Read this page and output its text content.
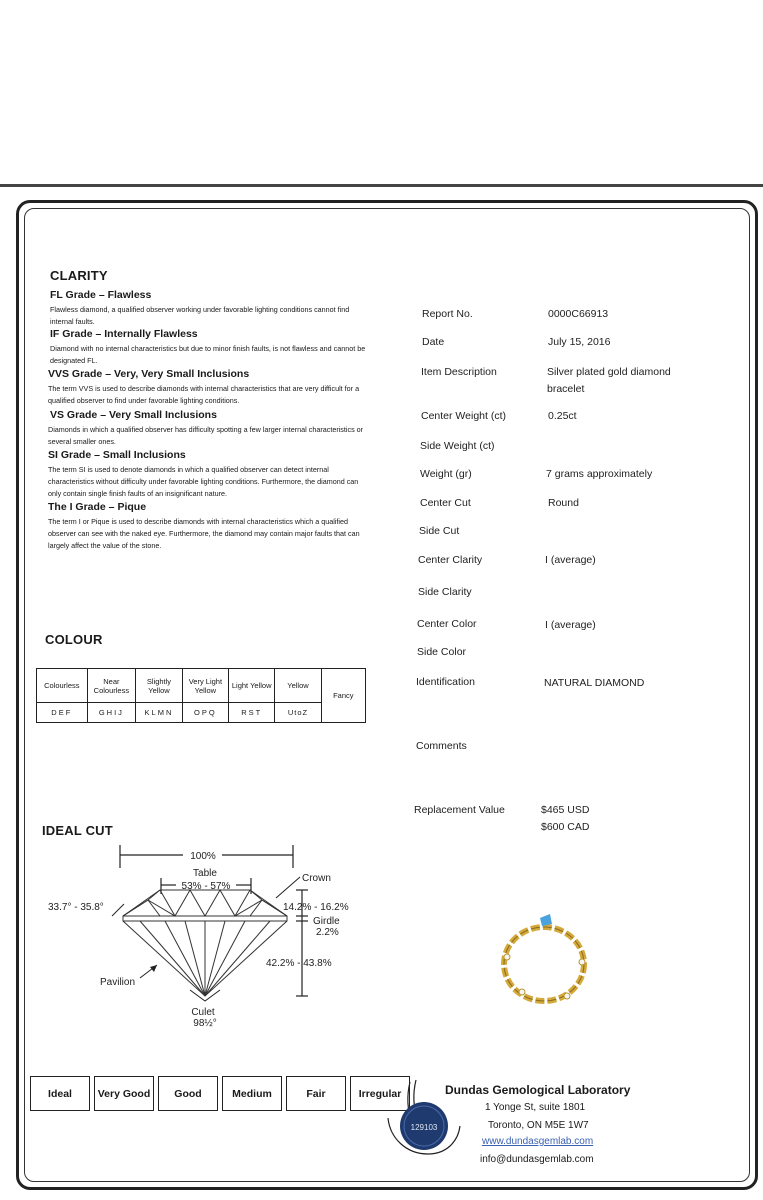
CLARITY
FL Grade – Flawless
Flawless diamond, a qualified observer working under favorable lighting conditions cannot find internal faults.
IF Grade – Internally Flawless
Diamond with no internal characteristics but due to minor finish faults, is not flawless and cannot be designated FL.
VVS Grade – Very, Very Small Inclusions
The term VVS is used to describe diamonds with internal characteristics that are very difficult for a qualified observer to find under favorable lighting conditions.
VS Grade – Very Small Inclusions
Diamonds in which a qualified observer has difficulty spotting a few larger internal characteristics or several smaller ones.
SI Grade – Small Inclusions
The term SI is used to denote diamonds in which a qualified observer can detect internal characteristics without difficulty under favorable lighting conditions. Furthermore, the diamond can only contain single finish faults of an insignificant nature.
The I Grade – Pique
The term I or Pique is used to describe diamonds with internal characteristics which a qualified observer can see with the naked eye. Furthermore, the diamond may contain major faults that can largely affect the value of the stone.
COLOUR
Colourless	Near Colourless	Slightly Yellow	Very Light Yellow	Light Yellow	Yellow	Fancy
DEF	GHIJ	KLMN	OPQ	RST	UtoZ	
IDEAL CUT
100%
Table
53% - 57%
Crown
33.7° - 35.8°	14.2% - 16.2%
Girdle
2.2%
42.2% - 43.8%
Pavilion
Culet
98½°
Ideal	Very Good	Good	Medium	Fair	Irregular
Report No.	0000C66913
Date	July 15, 2016
Item Description	Silver plated gold diamond bracelet
Center Weight (ct)	0.25ct
Side Weight (ct)
Weight (gr)	7 grams approximately
Center Cut	Round
Side Cut
Center Clarity	I (average)
Side Clarity
Center Color	I (average)
Side Color
Identification	NATURAL DIAMOND
Comments
Replacement Value	$465 USD
$600 CAD
129103
Dundas Gemological Laboratory
1 Yonge St, suite 1801
Toronto, ON M5E 1W7
www.dundasgemlab.com
info@dundasgemlab.com
